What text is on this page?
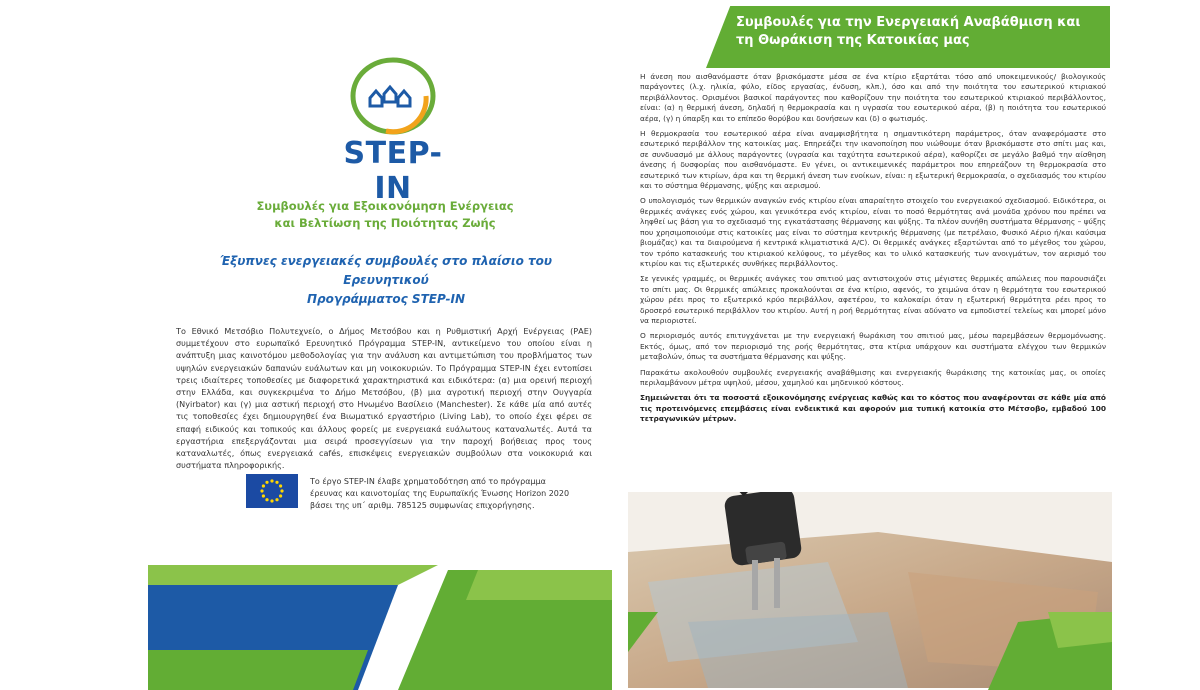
STEP-IN
Συμβουλές για Εξοικονόμηση Ενέργειας
και Βελτίωση της Ποιότητας Ζωής
Έξυπνες ενεργειακές συμβουλές στο πλαίσιο του Ερευνητικού
Προγράμματος STEP-IN
Το Εθνικό Μετσόβιο Πολυτεχνείο, ο Δήμος Μετσόβου και η Ρυθμιστική Αρχή Ενέργειας (ΡΑΕ) συμμετέχουν στο ευρωπαϊκό Ερευνητικό Πρόγραμμα STEP-IN, αντικείμενο του οποίου είναι η ανάπτυξη μιας καινοτόμου μεθοδολογίας για την ανάλυση και αντιμετώπιση του προβλήματος των υψηλών ενεργειακών δαπανών ευάλωτων και μη νοικοκυριών. Το Πρόγραμμα STEP-IN έχει εντοπίσει τρεις ιδιαίτερες τοποθεσίες με διαφορετικά χαρακτηριστικά και ειδικότερα: (α) μια ορεινή περιοχή στην Ελλάδα, και συγκεκριμένα το Δήμο Μετσόβου, (β) μια αγροτική περιοχή στην Ουγγαρία (Nyirbator) και (γ) μια αστική περιοχή στο Ηνωμένο Βασίλειο (Manchester). Σε κάθε μία από αυτές τις τοποθεσίες έχει δημιουργηθεί ένα Βιωματικό εργαστήριο (Living Lab), το οποίο έχει φέρει σε επαφή ειδικούς και τοπικούς και άλλους φορείς με ενεργειακά ευάλωτους καταναλωτές. Αυτά τα εργαστήρια επεξεργάζονται μια σειρά προσεγγίσεων για την παροχή βοήθειας προς τους καταναλωτές, όπως ενεργειακά cafés, επισκέψεις ενεργειακών συμβούλων στα νοικοκυριά και συστήματα πληροφορικής.
Το έργο STEP-IN έλαβε χρηματοδότηση από το πρόγραμμα έρευνας και καινοτομίας της Ευρωπαϊκής Ένωσης Horizon 2020 βάσει της υπ΄ αριθμ. 785125 συμφωνίας επιχορήγησης.
Συμβουλές για την Ενεργειακή Αναβάθμιση και
τη Θωράκιση της Κατοικίας μας

Η άνεση που αισθανόμαστε όταν βρισκόμαστε μέσα σε ένα κτίριο εξαρτάται τόσο από υποκειμενικούς/ βιολογικούς παράγοντες (λ.χ. ηλικία, φύλο, είδος εργασίας, ένδυση, κλπ.), όσο και από την ποιότητα του εσωτερικού κτιριακού περιβάλλοντος. Ορισμένοι βασικοί παράγοντες που καθορίζουν την ποιότητα του εσωτερικού κτιριακού περιβάλλοντος, είναι: (α) η θερμική άνεση, δηλαδή η θερμοκρασία και η υγρασία του εσωτερικού αέρα, (β) η ποιότητα του εσωτερικού αέρα, (γ) η ύπαρξη και το επίπεδο θορύβου και δονήσεων και (δ) ο φωτισμός.

Η θερμοκρασία του εσωτερικού αέρα είναι αναμφισβήτητα η σημαντικότερη παράμετρος, όταν αναφερόμαστε στο εσωτερικό περιβάλλον της κατοικίας μας. Επηρεάζει την ικανοποίηση που νιώθουμε όταν βρισκόμαστε στο σπίτι μας και, σε συνδυασμό με άλλους παράγοντες (υγρασία και ταχύτητα εσωτερικού αέρα), καθορίζει σε μεγάλο βαθμό την αίσθηση άνεσης ή δυσφορίας που αισθανόμαστε. Εν γένει, οι αντικειμενικές παράμετροι που επηρεάζουν τη θερμοκρασία στο εσωτερικό των κτιρίων, άρα και τη θερμική άνεση των ενοίκων, είναι: η εξωτερική θερμοκρασία, ο σχεδιασμός του κτιρίου και το σύστημα θέρμανσης, ψύξης και αερισμού.

Ο υπολογισμός των θερμικών αναγκών ενός κτιρίου είναι απαραίτητο στοιχείο του ενεργειακού σχεδιασμού. Ειδικότερα, οι θερμικές ανάγκες ενός χώρου, και γενικότερα ενός κτιρίου, είναι το ποσό θερμότητας ανά μονάδα χρόνου που πρέπει να ληφθεί ως βάση για το σχεδιασμό της εγκατάστασης θέρμανσης και ψύξης. Τα πλέον συνήθη συστήματα θέρμανσης – ψύξης που χρησιμοποιούμε στις κατοικίες μας είναι το σύστημα κεντρικής θέρμανσης (με πετρέλαιο, Φυσικό Αέριο ή/και καύσιμα βιομάζας) και τα διαιρούμενα ή κεντρικά κλιματιστικά A/C). Οι θερμικές ανάγκες εξαρτώνται από το μέγεθος του χώρου, τον τρόπο κατασκευής του κτιριακού κελύφους, το μέγεθος και το υλικό κατασκευής των ανοιγμάτων, τον αερισμό του κτιρίου και τις εξωτερικές συνθήκες περιβάλλοντος.

Σε γενικές γραμμές, οι θερμικές ανάγκες του σπιτιού μας αντιστοιχούν στις μέγιστες θερμικές απώλειες που παρουσιάζει το σπίτι μας. Οι θερμικές απώλειες προκαλούνται σε ένα κτίριο, αφενός, το χειμώνα όταν η θερμότητα του εσωτερικού χώρου ρέει προς το εξωτερικό κρύο περιβάλλον, αφετέρου, το καλοκαίρι όταν η εξωτερική θερμότητα ρέει προς το δροσερό εσωτερικό περιβάλλον του κτιρίου. Αυτή η ροή θερμότητας είναι αδύνατο να εμποδιστεί τελείως και μπορεί μόνο να περιοριστεί.

Ο περιορισμός αυτός επιτυγχάνεται με την ενεργειακή θωράκιση του σπιτιού μας, μέσω παρεμβάσεων θερμομόνωσης. Εκτός, όμως, από τον περιορισμό της ροής θερμότητας, στα κτίρια υπάρχουν και συστήματα ελέγχου των θερμικών μεταβολών, όπως τα συστήματα θέρμανσης και ψύξης.

Παρακάτω ακολουθούν συμβουλές ενεργειακής αναβάθμισης και ενεργειακής θωράκισης της κατοικίας μας, οι οποίες περιλαμβάνουν μέτρα υψηλού, μέσου, χαμηλού και μηδενικού κόστους.

Σημειώνεται ότι τα ποσοστά εξοικονόμησης ενέργειας καθώς και το κόστος που αναφέρονται σε κάθε μία από τις προτεινόμενες επεμβάσεις είναι ενδεικτικά και αφορούν μια τυπική κατοικία στο Μέτσοβο, εμβαδού 100 τετραγωνικών μέτρων.
